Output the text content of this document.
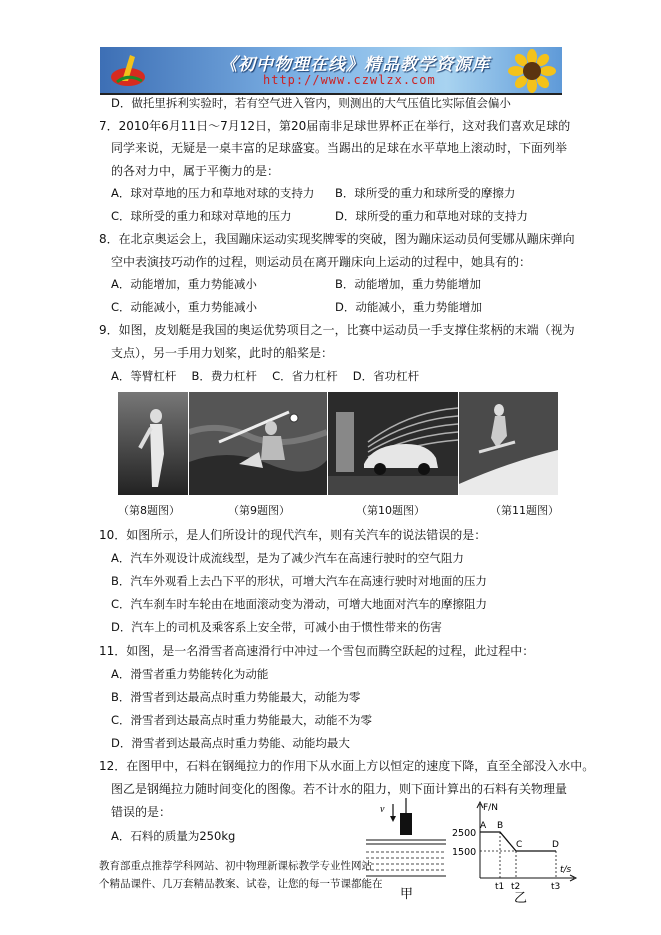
《初中物理在线》精品教学资源库
http://www.czwlzx.com
D．做托里拆利实验时，若有空气进入管内，则测出的大气压值比实际值会偏小
7．2010年6月11日～7月12日，第20届南非足球世界杯正在举行，这对我们喜欢足球的
同学来说，无疑是一桌丰富的足球盛宴。当踢出的足球在水平草地上滚动时，下面列举
的各对力中，属于平衡力的是：
A．球对草地的压力和草地对球的支持力 B．球所受的重力和球所受的摩擦力
C．球所受的重力和球对草地的压力	D．球所受的重力和草地对球的支持力
8．在北京奥运会上，我国蹦床运动实现奖牌零的突破，图为蹦床运动员何雯娜从蹦床弹向
空中表演技巧动作的过程，则运动员在离开蹦床向上运动的过程中，她具有的：
A．动能增加，重力势能减小	B．动能增加，重力势能增加
C．动能减小，重力势能减小	D．动能减小，重力势能增加
9．如图，皮划艇是我国的奥运优势项目之一，比赛中运动员一手支撑住浆柄的末端（视为
支点），另一手用力划桨，此时的船桨是：
A．等臂杠杆　 B．费力杠杆　 C．省力杠杆　 D．省功杠杆
（第8题图）	（第9题图）	（第10题图）	（第11题图）
10．如图所示，是人们所设计的现代汽车，则有关汽车的说法错误的是：
A．汽车外观设计成流线型，是为了减少汽车在高速行驶时的空气阻力
B．汽车外观看上去凸下平的形状，可增大汽车在高速行驶时对地面的压力
C．汽车刹车时车轮由在地面滚动变为滑动，可增大地面对汽车的摩擦阻力
D．汽车上的司机及乘客系上安全带，可减小由于惯性带来的伤害
11．如图，是一名滑雪者高速滑行中冲过一个雪包而腾空跃起的过程，此过程中：
A．滑雪者重力势能转化为动能
B．滑雪者到达最高点时重力势能最大，动能为零
C．滑雪者到达最高点时重力势能最大，动能不为零
D．滑雪者到达最高点时重力势能、动能均最大
12．在图甲中，石料在钢绳拉力的作用下从水面上方以恒定的速度下降，直至全部没入水中。
图乙是钢绳拉力随时间变化的图像。若不计水的阻力，则下面计算出的石料有关物理量
错误的是：
A．石料的质量为250kg
教育部重点推荐学科网站、初中物理新课标教学专业性网站
个精品课件、几万套精品教案、试卷，让您的每一节课都能在
v
甲
F/N
t/s
2500
1500
A B
C	D
t1 t2	t3
乙
